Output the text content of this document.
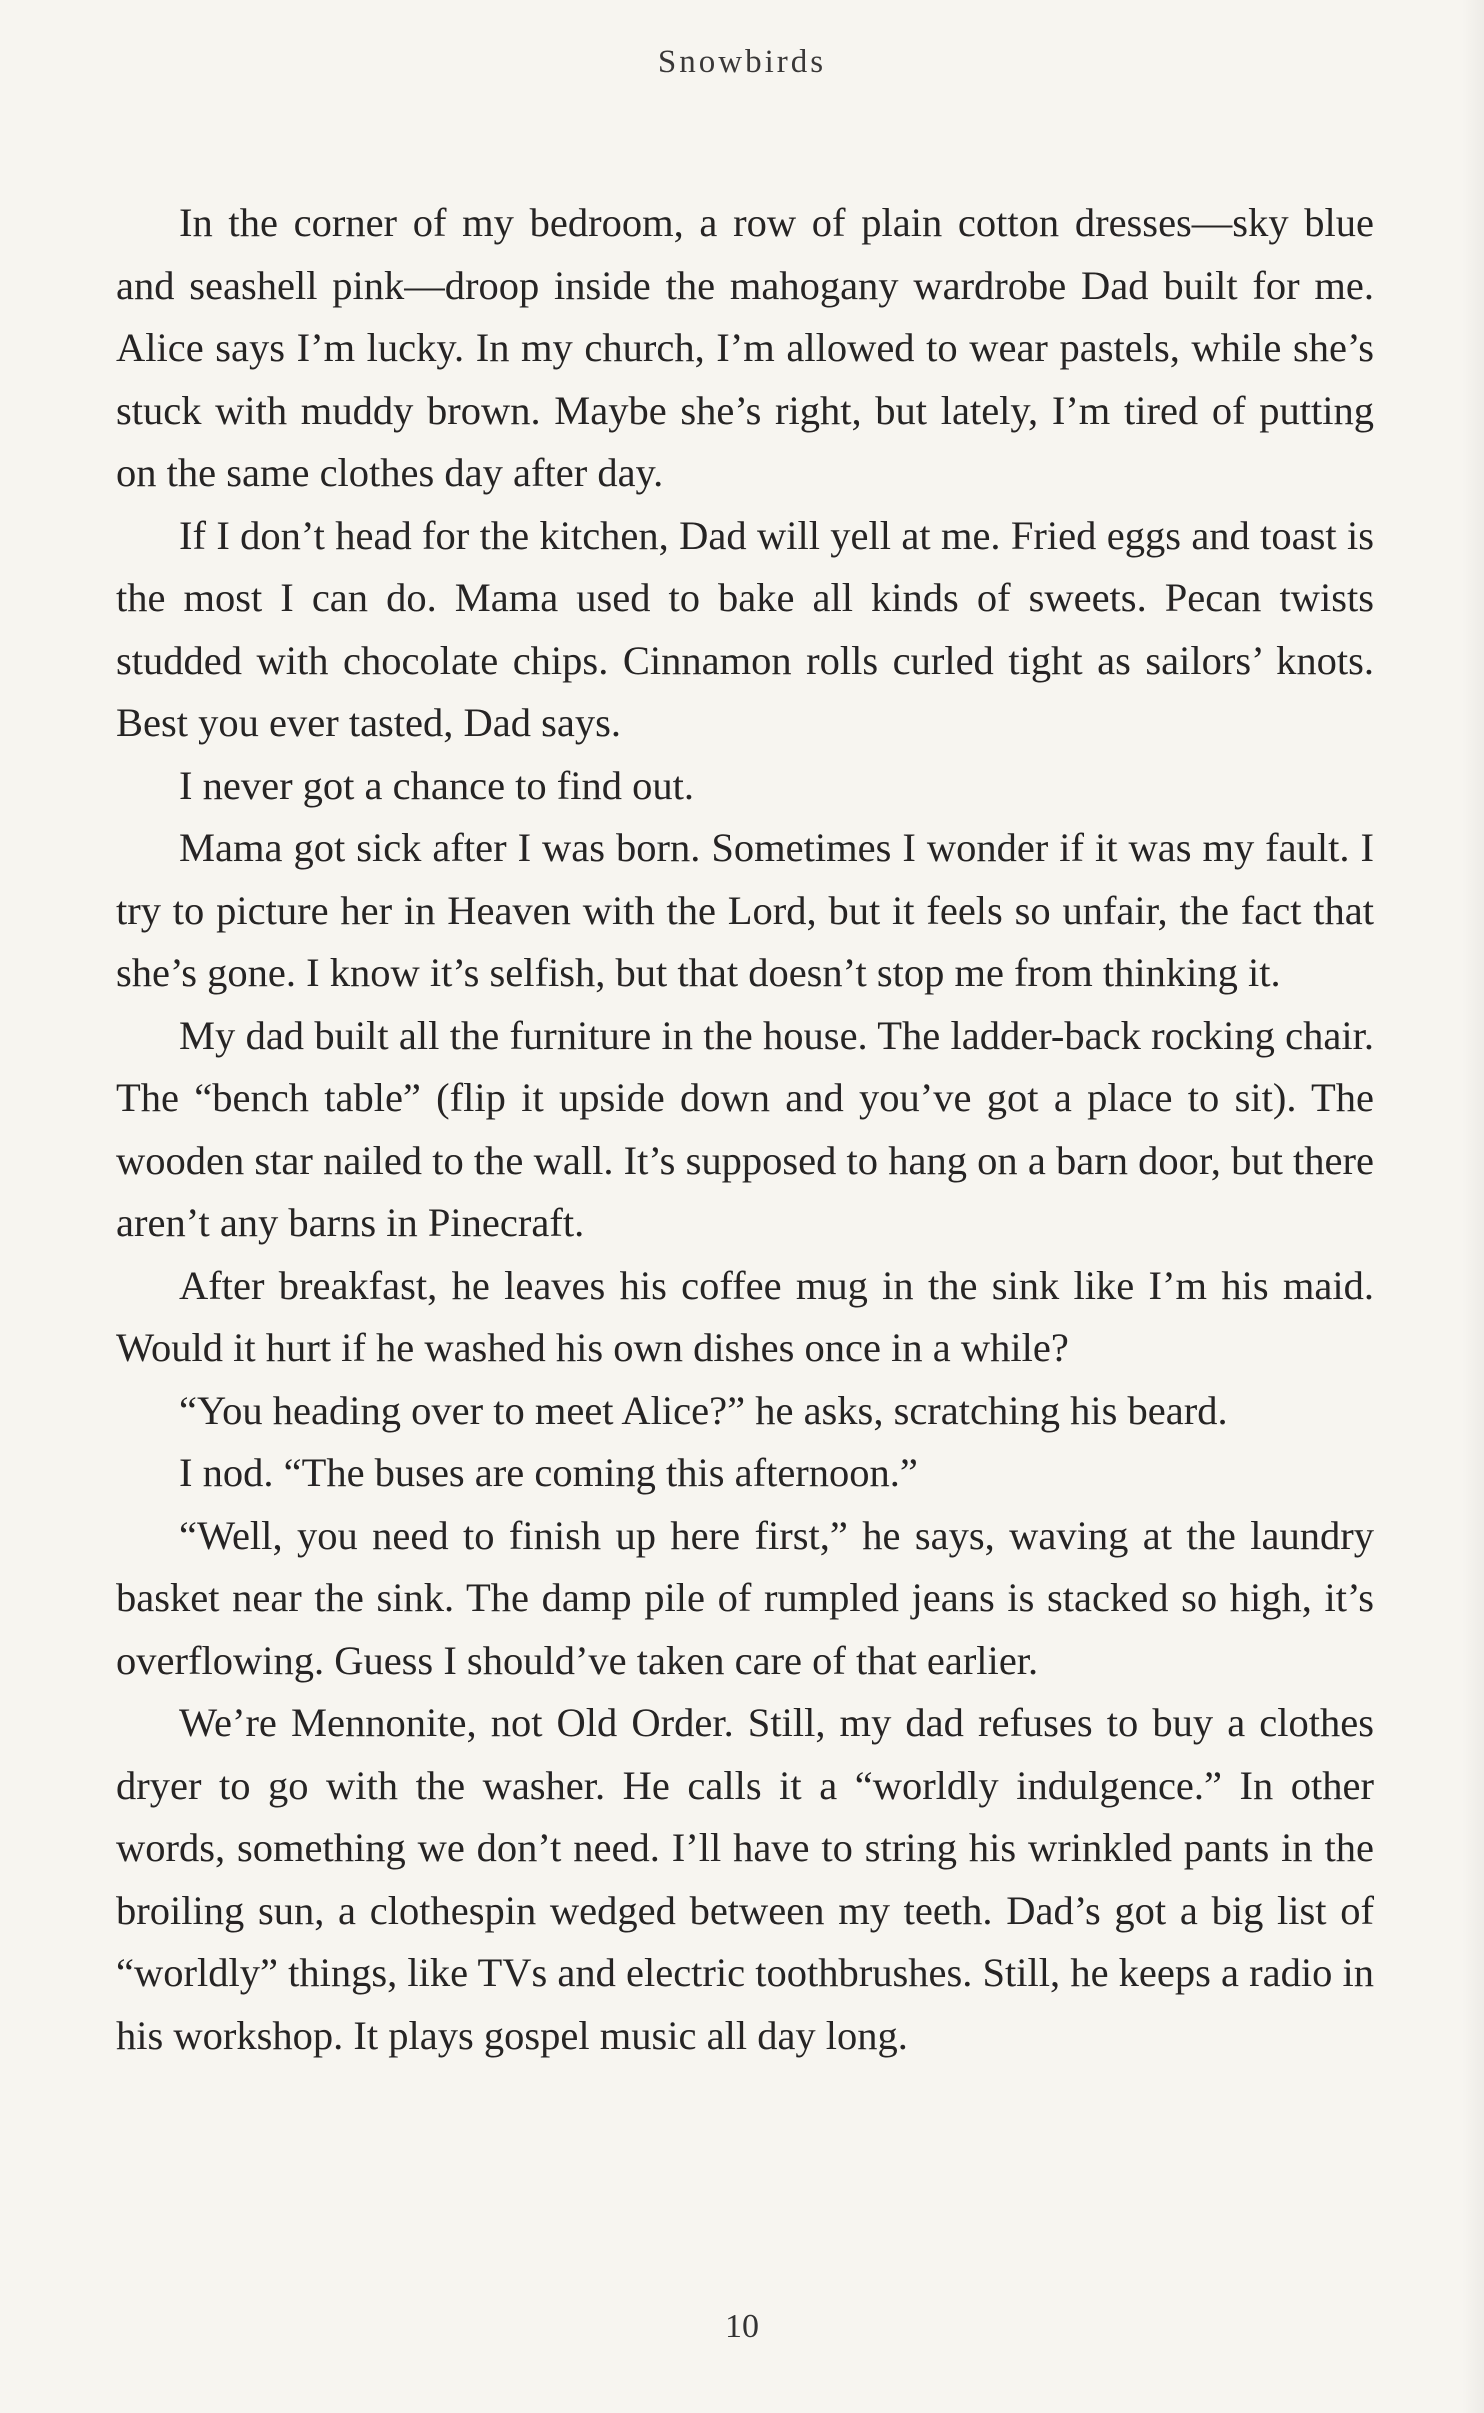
Snowbirds

In the corner of my bedroom, a row of plain cotton dresses—sky blue and seashell pink—droop inside the mahogany wardrobe Dad built for me. Alice says I’m lucky. In my church, I’m allowed to wear pastels, while she’s stuck with muddy brown. Maybe she’s right, but lately, I’m tired of putting on the same clothes day after day.

If I don’t head for the kitchen, Dad will yell at me. Fried eggs and toast is the most I can do. Mama used to bake all kinds of sweets. Pecan twists studded with chocolate chips. Cinnamon rolls curled tight as sailors’ knots. Best you ever tasted, Dad says.

I never got a chance to find out.

Mama got sick after I was born. Sometimes I wonder if it was my fault. I try to picture her in Heaven with the Lord, but it feels so unfair, the fact that she’s gone. I know it’s selfish, but that doesn’t stop me from thinking it.

My dad built all the furniture in the house. The ladder-back rocking chair. The “bench table” (flip it upside down and you’ve got a place to sit). The wooden star nailed to the wall. It’s supposed to hang on a barn door, but there aren’t any barns in Pinecraft.

After breakfast, he leaves his coffee mug in the sink like I’m his maid. Would it hurt if he washed his own dishes once in a while?

“You heading over to meet Alice?” he asks, scratching his beard.

I nod. “The buses are coming this afternoon.”

“Well, you need to finish up here first,” he says, waving at the laundry basket near the sink. The damp pile of rumpled jeans is stacked so high, it’s overflowing. Guess I should’ve taken care of that earlier.

We’re Mennonite, not Old Order. Still, my dad refuses to buy a clothes dryer to go with the washer. He calls it a “worldly indulgence.” In other words, something we don’t need. I’ll have to string his wrinkled pants in the broiling sun, a clothespin wedged between my teeth. Dad’s got a big list of “worldly” things, like TVs and electric toothbrushes. Still, he keeps a radio in his workshop. It plays gospel music all day long.

10
